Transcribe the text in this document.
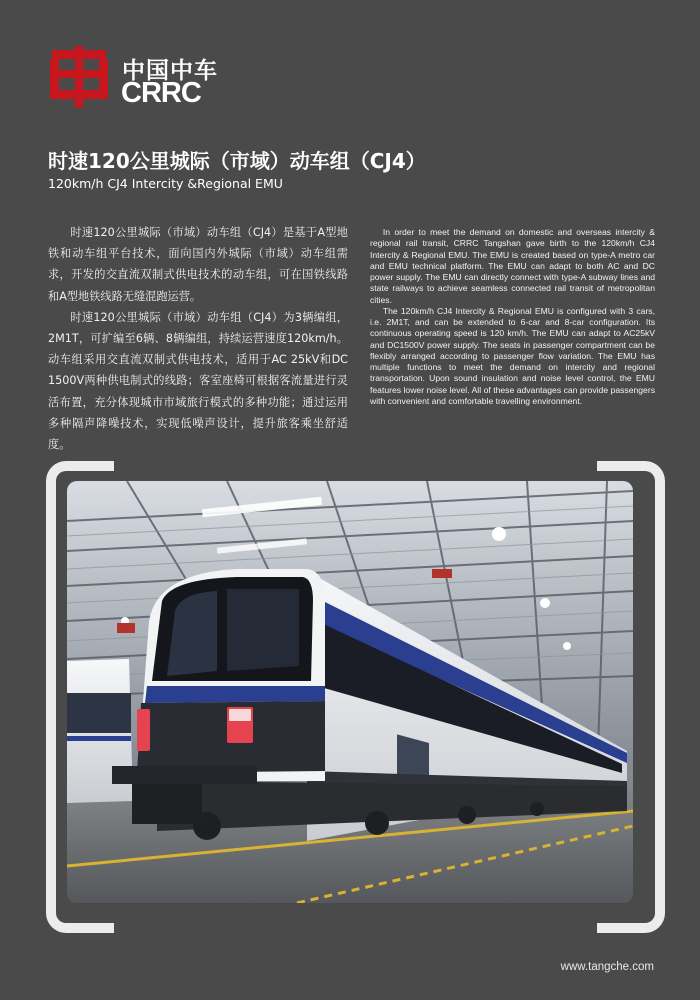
中国中车
CRRC
时速120公里城际（市域）动车组（CJ4）
120km/h CJ4 Intercity &Regional EMU

时速120公里城际（市域）动车组（CJ4）是基于A型地铁和动车组平台技术，面向国内外城际（市域）动车组需求，开发的交直流双制式供电技术的动车组，可在国铁线路和A型地铁线路无缝混跑运营。

时速120公里城际（市域）动车组（CJ4）为3辆编组，2M1T，可扩编至6辆、8辆编组，持续运营速度120km/h。动车组采用交直流双制式供电技术，适用于AC 25kV和DC 1500V两种供电制式的线路；客室座椅可根据客流量进行灵活布置，充分体现城市市域旅行模式的多种功能；通过运用多种隔声降噪技术，实现低噪声设计，提升旅客乘坐舒适度。

In order to meet the demand on domestic and overseas intercity & regional rail transit, CRRC Tangshan gave birth to the 120km/h CJ4 Intercity & Regional EMU. The EMU is created based on type-A metro car and EMU technical platform. The EMU can adapt to both AC and DC power supply. The EMU can directly connect with type-A subway lines and state railways to achieve seamless connected rail transit of metropolitan cities.

The 120km/h CJ4 Intercity & Regional EMU is configured with 3 cars, i.e. 2M1T, and can be extended to 6-car and 8-car configuration. Its continuous operating speed is 120 km/h. The EMU can adapt to AC25kV and DC1500V power supply. The seats in passenger compartment can be flexibly arranged according to passenger flow variation. The EMU has multiple functions to meet the demand on intercity and regional transportation. Upon sound insulation and noise level control, the EMU features lower noise level. All of these advantages can provide passengers with convenient and comfortable travelling environment.

www.tangche.com
